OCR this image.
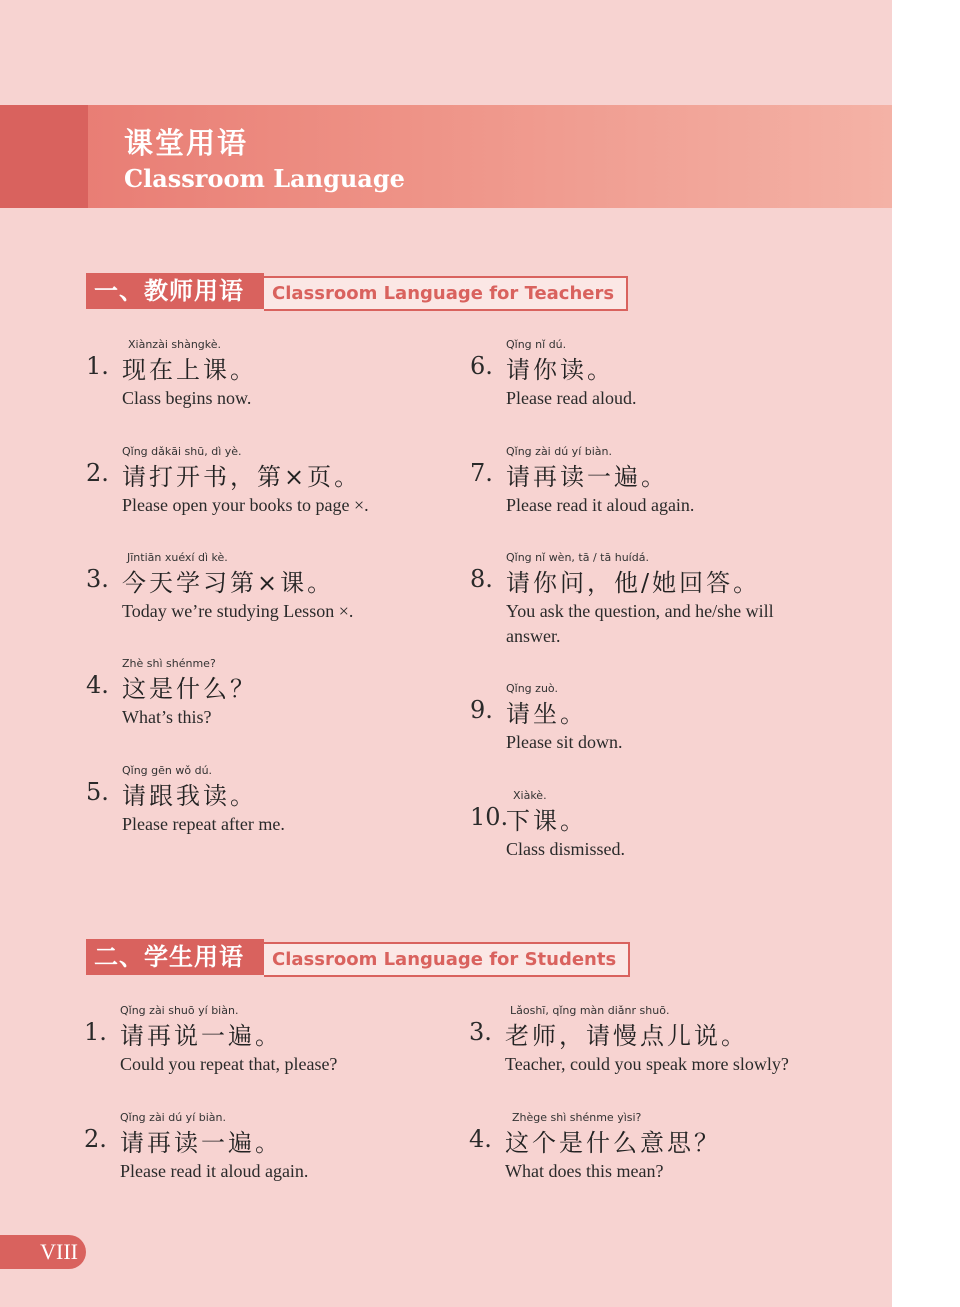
课堂用语
Classroom Language
一、教师用语	Classroom Language for Teachers
Xiànzài shàngkè.
1. 现在上课。
Class begins now.
Qǐng dǎkāi shū, dì yè.
2. 请打开书，第×页。
Please open your books to page ×.
Jīntiān xuéxí dì kè.
3. 今天学习第×课。
Today we’re studying Lesson ×.
Zhè shì shénme?
4. 这是什么？
What’s this?
Qǐng gēn wǒ dú.
5. 请跟我读。
Please repeat after me.
Qǐng nǐ dú.
6. 请你读。
Please read aloud.
Qǐng zài dú yí biàn.
7. 请再读一遍。
Please read it aloud again.
Qǐng nǐ wèn, tā / tā huídá.
8. 请你问，他/她回答。
You ask the question, and he/she will answer.
Qǐng zuò.
9. 请坐。
Please sit down.
Xiàkè.
10.
下课。
Class dismissed.
二、学生用语	Classroom Language for Students
Qǐng zài shuō yí biàn.
1. 请再说一遍。
Could you repeat that, please?
Qǐng zài dú yí biàn.
2. 请再读一遍。
Please read it aloud again.
Lǎoshī, qǐng màn diǎnr shuō.
3. 老师，请慢点儿说。
Teacher, could you speak more slowly?
Zhège shì shénme yìsi?
4. 这个是什么意思？
What does this mean?
VIII
